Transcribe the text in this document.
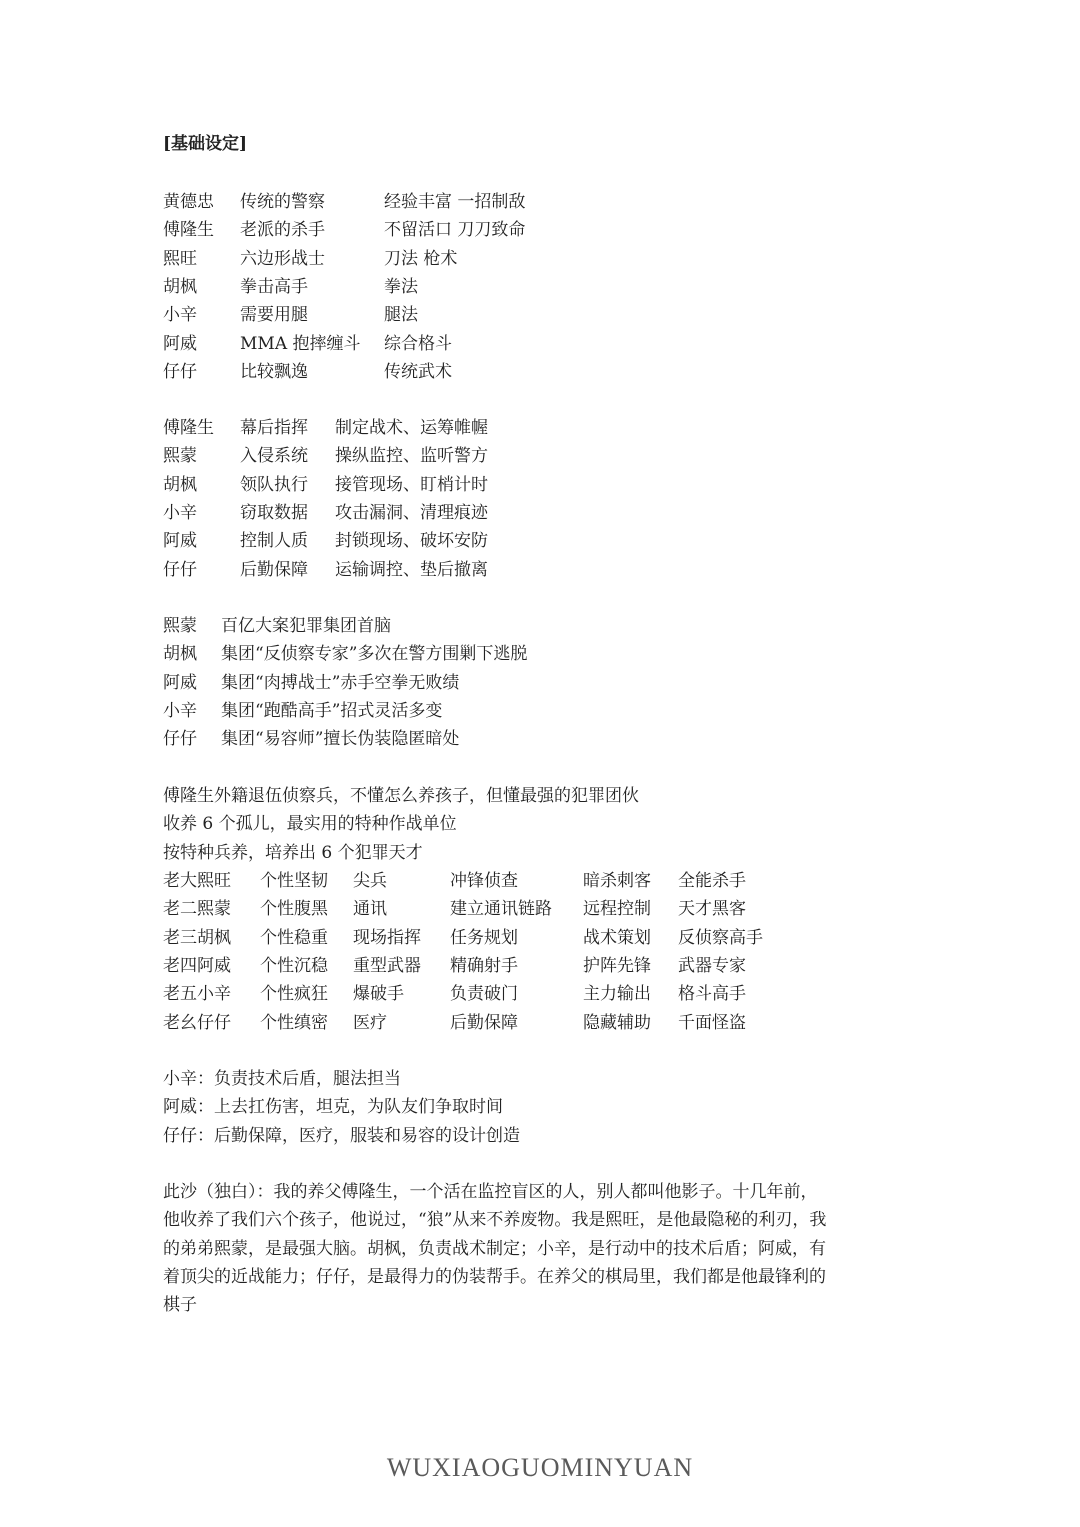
[基础设定]
黄德忠 传统的警察	经验丰富 一招制敌
傅隆生 老派的杀手	不留活口 刀刀致命
熙旺	六边形战士	刀法 枪术
胡枫	拳击高手	拳法
小辛	需要用腿	腿法
阿威	MMA 抱摔缠斗 综合格斗
仔仔	比较飘逸	传统武术
傅隆生 幕后指挥 制定战术、运筹帷幄
熙蒙	入侵系统 操纵监控、监听警方
胡枫	领队执行 接管现场、盯梢计时
小辛	窃取数据 攻击漏洞、清理痕迹
阿威	控制人质 封锁现场、破坏安防
仔仔	后勤保障 运输调控、垫后撤离
熙蒙 百亿大案犯罪集团首脑
胡枫 集团“反侦察专家”多次在警方围剿下逃脱
阿威 集团“肉搏战士”赤手空拳无败绩
小辛 集团“跑酷高手”招式灵活多变
仔仔 集团“易容师”擅长伪装隐匿暗处
傅隆生外籍退伍侦察兵，不懂怎么养孩子，但懂最强的犯罪团伙
收养 6 个孤儿，最实用的特种作战单位
按特种兵养，培养出 6 个犯罪天才
老大熙旺 个性坚韧 尖兵	冲锋侦查	暗杀刺客 全能杀手
老二熙蒙 个性腹黑 通讯	建立通讯链路 远程控制 天才黑客
老三胡枫 个性稳重 现场指挥 任务规划	战术策划 反侦察高手
老四阿威 个性沉稳 重型武器 精确射手	护阵先锋 武器专家
老五小辛 个性疯狂 爆破手	负责破门	主力输出 格斗高手
老幺仔仔 个性缜密 医疗	后勤保障	隐藏辅助 千面怪盗
小辛：负责技术后盾，腿法担当
阿威：上去扛伤害，坦克，为队友们争取时间
仔仔：后勤保障，医疗，服装和易容的设计创造
此沙（独白）：我的养父傅隆生，一个活在监控盲区的人，别人都叫他影子。十几年前，
他收养了我们六个孩子，他说过，“狼”从来不养废物。我是熙旺，是他最隐秘的利刃，我
的弟弟熙蒙，是最强大脑。胡枫，负责战术制定；小辛，是行动中的技术后盾；阿威，有
着顶尖的近战能力；仔仔，是最得力的伪装帮手。在养父的棋局里，我们都是他最锋利的
棋子
WUXIAOGUOMINYUAN
